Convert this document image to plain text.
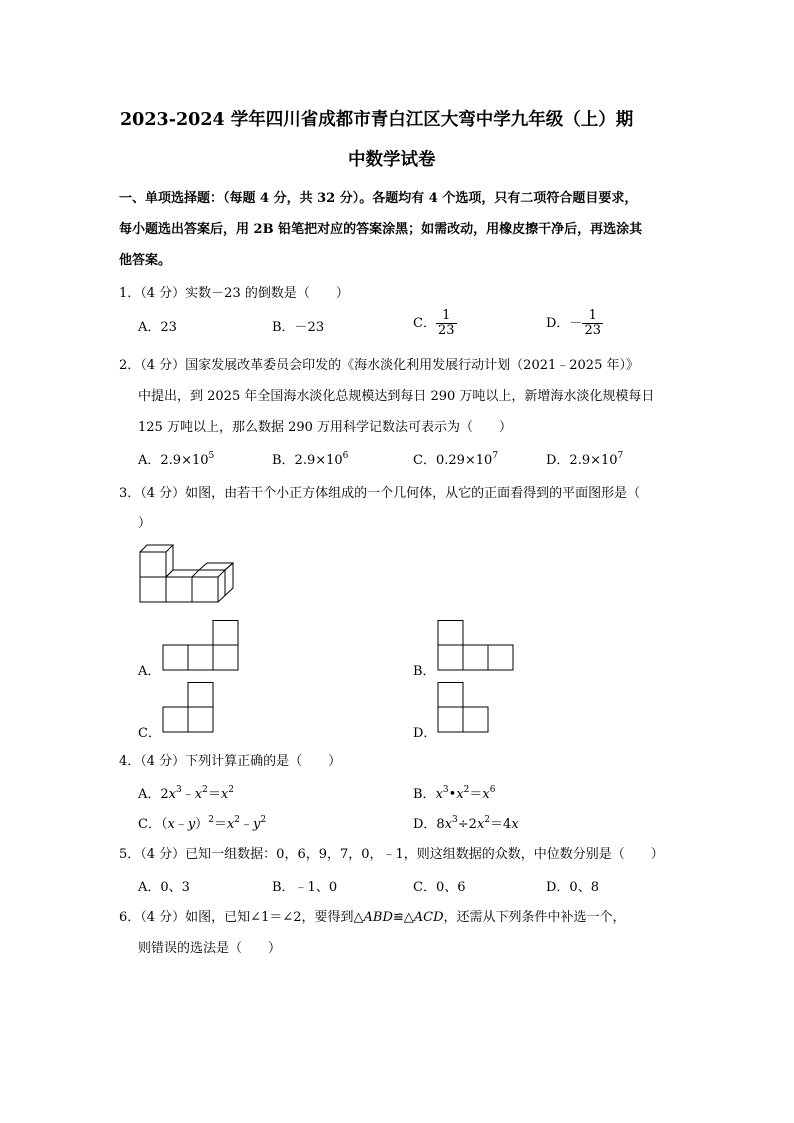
2023-2024 学年四川省成都市青白江区大弯中学九年级（上）期
中数学试卷
一、单项选择题：（每题 4 分，共 32 分）。各题均有 4 个选项，只有二项符合题目要求，
每小题选出答案后，用 2B 铅笔把对应的答案涂黑；如需改动，用橡皮擦干净后，再选涂其
他答案。
1．（4 分）实数－23 的倒数是（　　）
A．23	B．－23	C． $\frac{1}{23}$	D．－ $\frac{1}{23}$
2．（4 分）国家发展改革委员会印发的《海水淡化利用发展行动计划（2021﹣2025 年）》
中提出，到 2025 年全国海水淡化总规模达到每日 290 万吨以上，新增海水淡化规模每日
125 万吨以上，那么数据 290 万用科学记数法可表示为（　　）
A．$2.9\times 10^5$	B．$2.9\times 10^6$	C．$0.29\times 10^7$	D．$2.9\times 10^7$
3．（4 分）如图，由若干个小正方体组成的一个几何体，从它的正面看得到的平面图形是（
）
A．	B．
C．	D．
4．（4 分）下列计算正确的是（　　）
A．$2x^3﹣x^2=x^2$	B．$x^3•x^2=x^6$
C．$(x﹣y)^2=x^2﹣y^2$	D．$8x^3\div 2x^2=4x$
5．（4 分）已知一组数据：0，6，9，7，0，﹣1，则这组数据的众数，中位数分别是（　　）
A．0、3	B．﹣1、0	C．0、6	D．0、8
6．（4 分）如图，已知∠1＝∠2，要得到△ABD≌△ACD，还需从下列条件中补选一个，
则错误的选法是（　　）
